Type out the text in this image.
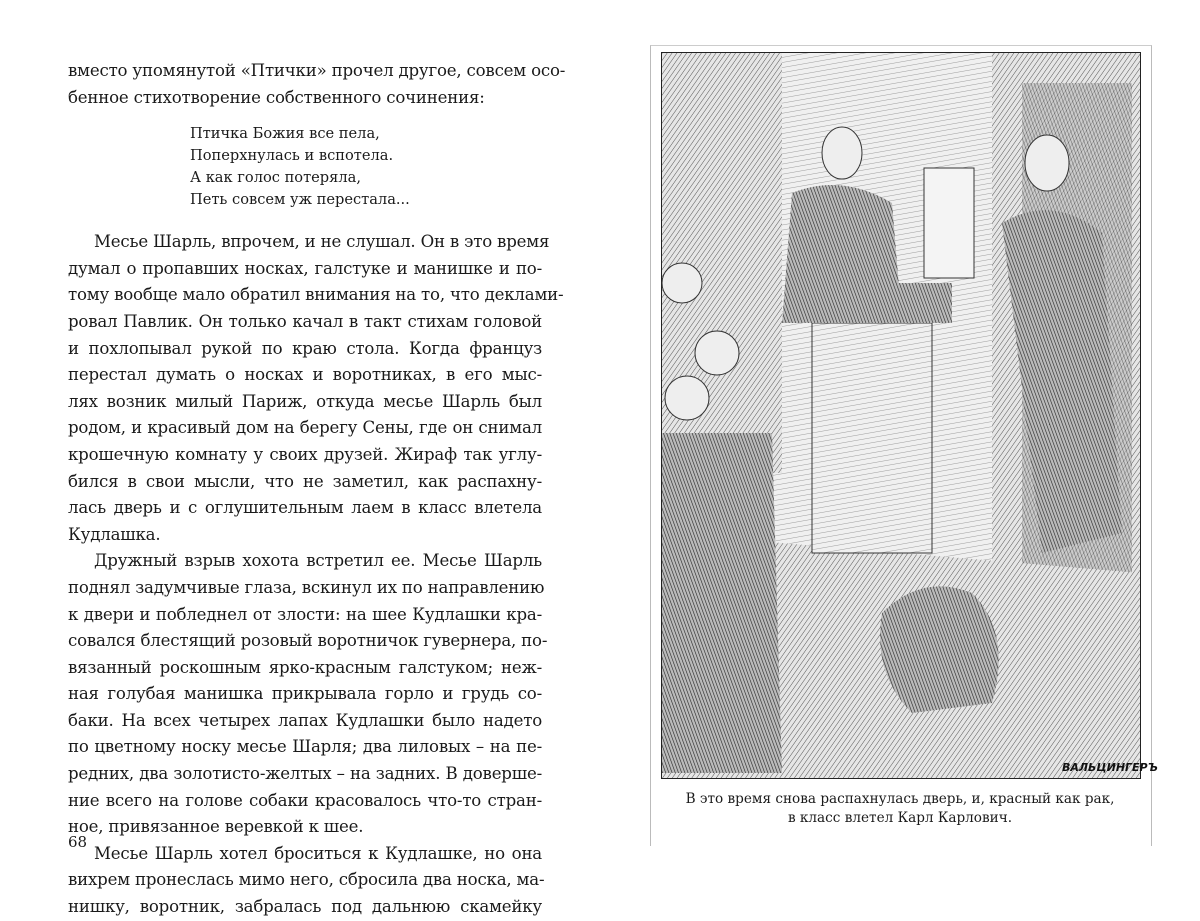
вместо упомянутой «Птички» прочел другое, совсем осо-
бенное стихотворение собственного сочинения:
Птичка Божия все пела,
Поперхнулась и вспотела.
А как голос потеряла,
Петь совсем уж перестала...
Месье Шарль, впрочем, и не слушал. Он в это время
думал о пропавших носках, галстуке и манишке и по-
тому вообще мало обратил внимания на то, что деклами-
ровал Павлик. Он только качал в такт стихам головой
и похлопывал рукой по краю стола. Когда француз
перестал думать о носках и воротниках, в его мыс-
лях возник милый Париж, откуда месье Шарль был
родом, и красивый дом на берегу Сены, где он снимал
крошечную комнату у своих друзей. Жираф так углу-
бился в свои мысли, что не заметил, как распахну-
лась дверь и с оглушительным лаем в класс влетела
Кудлашка.
Дружный взрыв хохота встретил ее. Месье Шарль
поднял задумчивые глаза, вскинул их по направлению
к двери и побледнел от злости: на шее Кудлашки кра-
совался блестящий розовый воротничок гувернера, по-
вязанный роскошным ярко-красным галстуком; неж-
ная голубая манишка прикрывала горло и грудь со-
баки. На всех четырех лапах Кудлашки было надето
по цветному носку месье Шарля; два лиловых – на пе-
редних, два золотисто-желтых – на задних. В доверше-
ние всего на голове собаки красовалось что-то стран-
ное, привязанное веревкой к шее.
Месье Шарль хотел броситься к Кудлашке, но она
вихрем пронеслась мимо него, сбросила два носка, ма-
нишку, воротник, забралась под дальнюю скамейку
68
ВАЛЬЦИНГЕРЪ
В это время снова распахнулась дверь, и, красный как рак,
в класс влетел Карл Карлович.
